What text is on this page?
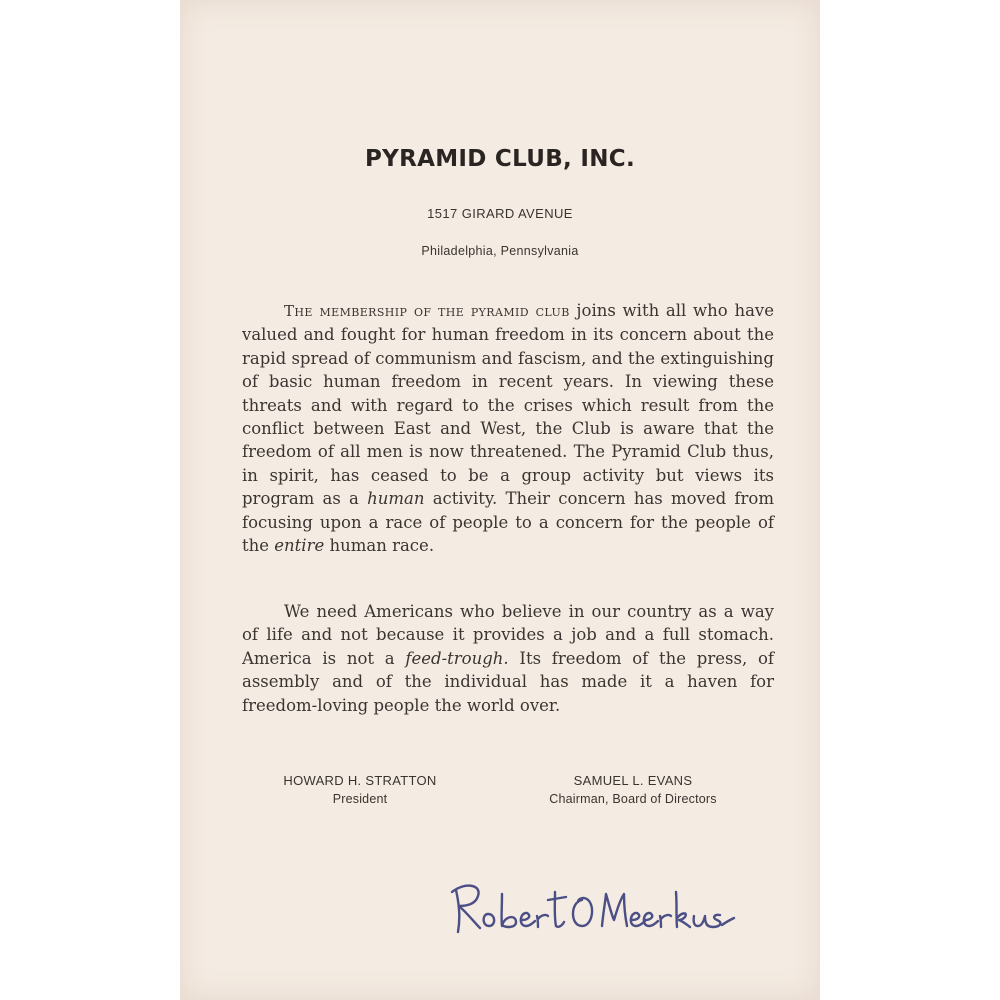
PYRAMID CLUB, INC.
1517 GIRARD AVENUE
Philadelphia, Pennsylvania

The membership of the pyramid club joins with all who have valued and fought for human freedom in its concern about the rapid spread of communism and fascism, and the extinguishing of basic human freedom in recent years. In viewing these threats and with regard to the crises which result from the conflict between East and West, the Club is aware that the freedom of all men is now threatened. The Pyramid Club thus, in spirit, has ceased to be a group activity but views its program as a human activity. Their concern has moved from focusing upon a race of people to a concern for the people of the entire human race.

We need Americans who believe in our country as a way of life and not because it provides a job and a full stomach. America is not a feed-trough. Its freedom of the press, of assembly and of the individual has made it a haven for freedom-loving people the world over.

HOWARD H. STRATTON
President
SAMUEL L. EVANS
Chairman, Board of Directors
